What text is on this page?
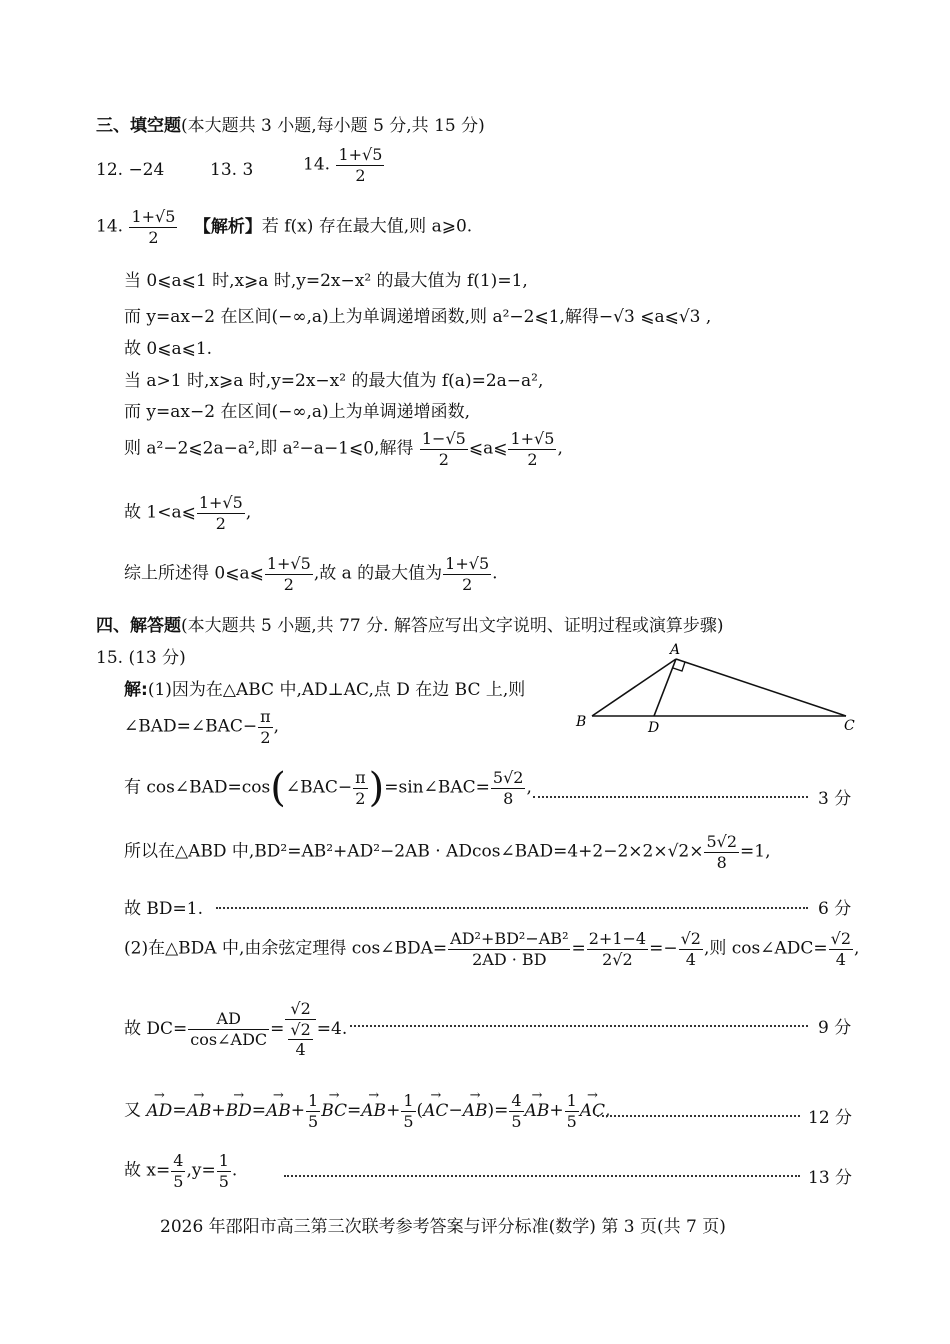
三、填空题(本大题共 3 小题,每小题 5 分,共 15 分)
12. −24	13. 3	14. $\frac{1+√5}{2}$
14. $\frac{1+√5}{2}$ 【解析】若 f(x) 存在最大值,则 a⩾0.
当 0⩽a⩽1 时,x⩾a 时,y=2x−x² 的最大值为 f(1)=1,
而 y=ax−2 在区间(−∞,a)上为单调递增函数,则 a²−2⩽1,解得−√3 ⩽a⩽√3 ,
故 0⩽a⩽1.
当 a>1 时,x⩾a 时,y=2x−x² 的最大值为 f(a)=2a−a²,
而 y=ax−2 在区间(−∞,a)上为单调递增函数,
则 a²−2⩽2a−a²,即 a²−a−1⩽0,解得 $\frac{1-√5}{2}$ ⩽a⩽ $\frac{1+√5}{2}$ ,
故 1<a⩽ $\frac{1+√5}{2}$ ,
综上所述得 0⩽a⩽ $\frac{1+√5}{2}$ ,故 a 的最大值为 $\frac{1+√5}{2}$ .
四、解答题(本大题共 5 小题,共 77 分. 解答应写出文字说明、证明过程或演算步骤)
15. (13 分)
解:(1)因为在△ABC 中,AD⊥AC,点 D 在边 BC 上,则
∠BAD=∠BAC− $\frac{\pi}{2}$ ,
A
B	D	C
有 cos∠BAD=cos(∠BAC− $\frac{\pi}{2}$ )=sin∠BAC= $\frac{5√2}{8}$ ,
3 分
所以在△ABD 中,BD²=AB²+AD²−2AB · ADcos∠BAD=4+2−2×2×√2× $\frac{5√2}{8} =1$,
故 BD=1.	6 分
(2)在△BDA 中,由余弦定理得 cos∠BDA= $\frac{\text{AD²+BD²−AB²}}{2AD \cdot BD} = \frac{2+1-4}{2√2} =- \frac{√2}{4}$ ,则 cos∠ADC= $\frac{√2}{4}$ ,
故 $DC= \frac{AD}{\text{cos∠ADC}} = \frac{√2}{\frac{√2}{4}} =4$.	9 分
又 → $AD=\to AB+\to BD=\to AB+ \frac{1}{5}$
→ $BC=\to AB+ \frac{1}{5}$ (→ $AC-\to AB)= \frac{4}{5}$
→ $AB+ \frac{1}{5}$
→ AC,	12 分
故 $x= \frac{4}{5} ,y= \frac{1}{5}$ .	13 分
2026 年邵阳市高三第三次联考参考答案与评分标准(数学) 第 3 页(共 7 页)
